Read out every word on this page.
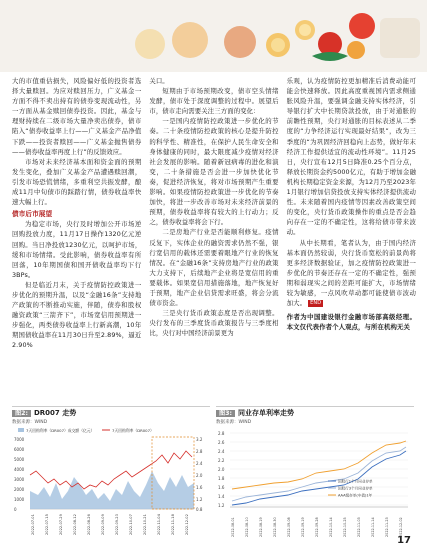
大的市值重估损失，风险偏好低的投资者选择大量赎回。为应对赎回压力，广义基金一方面不得不卖出持有的债券变现流动性，另一方面从基金赎回债券投资。因此，基金与理财持续在二级市场大量净卖出债券，债市陷入“债券收益率上行——广义基金产品净值下跌——投资者赎回——广义基金抛售债券——债券收益率再度上行”的反馈效应。

市场对未来经济基本面和资金面的预期发生变化，叠加广义基金产品遭遇赎回潮，引发市场恐慌情绪，多重利空共振发酵，酿成11月中旬债市的踩踏行情，债券收益率快速大幅上行。

债市后市展望

为稳定市场，央行及时增加公开市场逆回购投放力度，11月17日操作1320亿元逆回购。当日净投放1230亿元，以呵护市场，缓和市场情绪。受此影响，债券收益率有所回落，10年期国债和国开债收益率均下行3BPs。

但是临近月末，关于疫情防控政策进一步优化的预期升温，以及“金融16条”支持地产政策的不断推动实施，伴随，债券和股权融资政策“三箭齐下”，市场宽信用预期进一步强化，两类债券收益率上行新高潮，10年期国债收益率在11月30日升至2.89%，逼近2.90%

关口。

短期由于市场预期改变，债市空头情绪发酵，债市处于深度调整的过程中。展望后市，债市走向需要关注三方面的变化：

一是国内疫情防控政策进一步优化的节奏。二十条疫情防控政策的核心是提升防控的科学性、精准性，在保护人民生命安全和身体健康的同时，最大限度减少疫情对经济社会发展的影响。随着新冠病毒的进化和演变，二十条措施是否会进一步加快优化节奏，促进经济恢复，将对市场预期产生重要影响。如果疫情防控政策进一步优化的节奏加快，将进一步改善市场对未来经济前景的预期，债券收益率将有较大的上行动力；反之，债券收益率将会下行。

二是房地产行业是否能顺利修复。疫情反复下，实体企业的融资需求仍然不强，银行宽信用的载体还需要着眼地产行业的恢复情况。在“金融16条”支持房地产行业的政策大力支持下，后续地产企业将是宽信用的重要载体。如果宽信用措施落地，地产恢复好于预期，地产企业信贷需求旺盛，将会分流债市资金。

三是央行货币政策态度是否出现调整。央行发布的三季度货币政策报告与三季度相比，央行对中国经济前景更为

乐观，认为疫情防控更加精准后消费动能可能会快速释放。因此高度重视国内需求侧通胀风险升温，要强调金融支持实体经济，引导银行扩大中长期贷款投放，由于对通胀的前瞻性预期，央行对通胀的目标表述从二季度的“力争经济运行实现最好结果”，改为三季度的“为巩固经济回稳向上态势，做好年末经济工作提供适宜的流动性环境”。11月25日，央行宣布12月5日降准0.25个百分点，释放长期资金约5000亿元，有助于增加金融机构长期稳定资金来源，为12月乃至2023年1月银行增加信贷投放支持实体经济提供流动性。未来随着国内疫情等因素改善政策空间的变化，央行货币政策操作的重点是否会趋向存在一定的不确定性，这将给债市带来波动。

从中长期看，笔者认为，由于国内经济基本面仍然较弱，央行货币宽松的前景尚将更多经济数据验证，加之疫情防控政策进一步优化的节奏还存在一定的不确定性，强预期和弱现实之间的差距可能扩大，市场情绪较为敏感，一点风吹草动都可能使债市波动加大。 END

作者为中国建设银行金融市场部高级经理。本文仅代表作者个人观点，与所在机构无关
图2: DR007 走势
数据来源：WIND
7天回购利率（DR007）成交额（亿元）	7天回购利率（DR007）
7000
6000
5000
4000
3000
2000
1000
0
3.2
2.8
2.4
2.0
1.6
1.2
0.8
2022-07-01	2022-07-15	2022-07-29	2022-08-12	2022-08-26	2022-09-09	2022-09-23	2022-10-07	2022-10-21	2022-11-04	2022-11-18	2022-12-02
图3: 同业存单利率走势
数据来源：WIND
2.8
2.6
2.4
2.2
2.0
1.8
1.6
1.4
1.2
国股行1个月同业存单
国股行3个月同业存单
AAA级存单(中债)1年
2022-08-01	2022-08-10	2022-08-19	2022-08-30	2022-09-08	2022-09-19	2022-09-28	2022-10-14	2022-10-25	2022-11-03	2022-11-14	2022-11-23	2022-12-02
17
